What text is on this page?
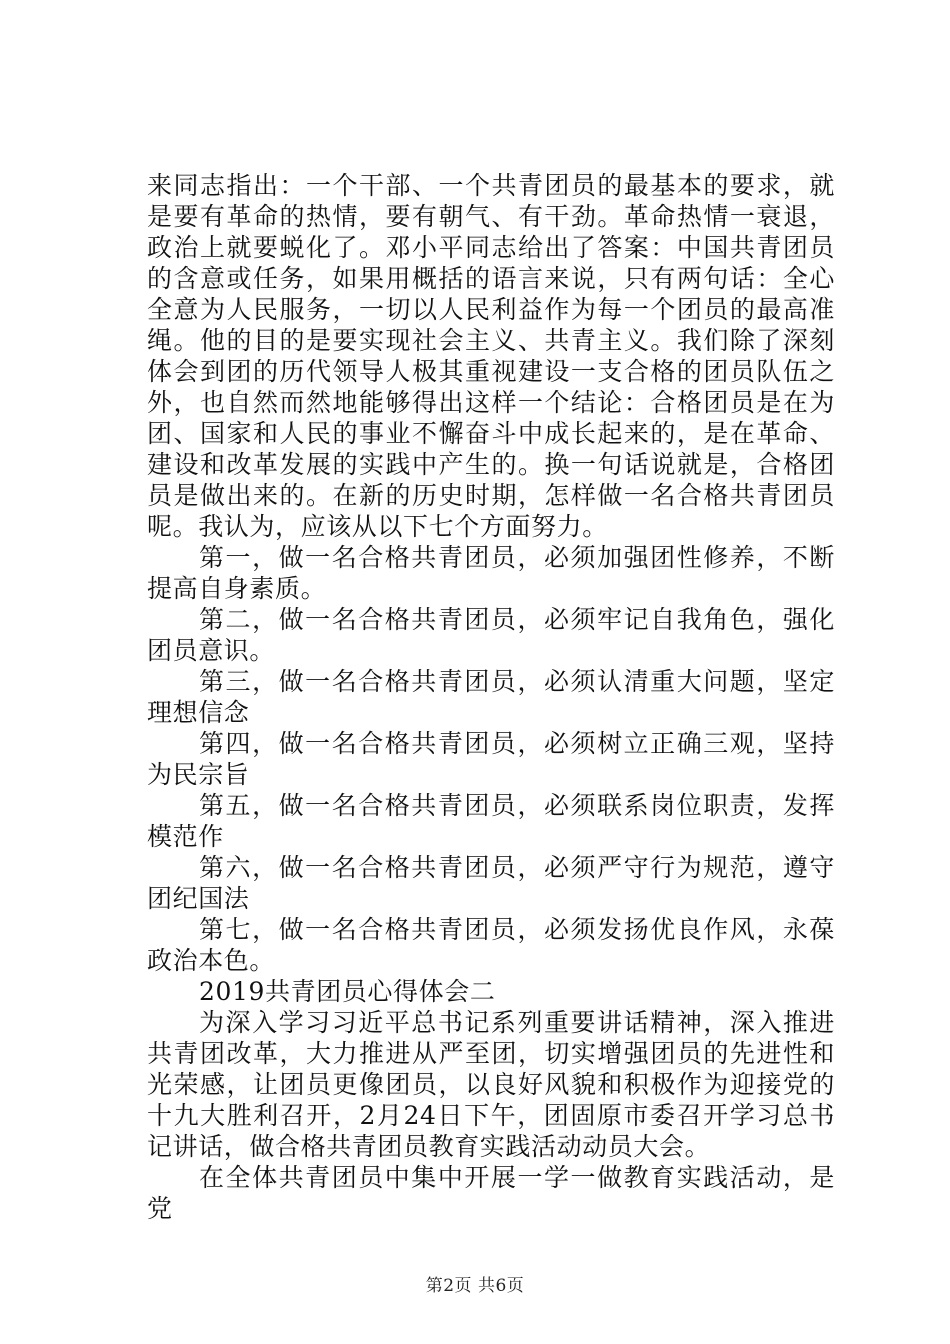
来同志指出：一个干部、一个共青团员的最基本的要求，就是要有革命的热情，要有朝气、有干劲。革命热情一衰退，政治上就要蜕化了。邓小平同志给出了答案：中国共青团员的含意或任务，如果用概括的语言来说，只有两句话：全心全意为人民服务，一切以人民利益作为每一个团员的最高准绳。他的目的是要实现社会主义、共青主义。我们除了深刻体会到团的历代领导人极其重视建设一支合格的团员队伍之外，也自然而然地能够得出这样一个结论：合格团员是在为团、国家和人民的事业不懈奋斗中成长起来的，是在革命、建设和改革发展的实践中产生的。换一句话说就是，合格团员是做出来的。在新的历史时期，怎样做一名合格共青团员呢。我认为，应该从以下七个方面努力。

第一，做一名合格共青团员，必须加强团性修养，不断提高自身素质。

第二，做一名合格共青团员，必须牢记自我角色，强化团员意识。

第三，做一名合格共青团员，必须认清重大问题，坚定理想信念

第四，做一名合格共青团员，必须树立正确三观，坚持为民宗旨

第五，做一名合格共青团员，必须联系岗位职责，发挥模范作

第六，做一名合格共青团员，必须严守行为规范，遵守团纪国法

第七，做一名合格共青团员，必须发扬优良作风，永葆政治本色。

2019共青团员心得体会二

为深入学习习近平总书记系列重要讲话精神，深入推进共青团改革，大力推进从严至团，切实增强团员的先进性和光荣感，让团员更像团员，以良好风貌和积极作为迎接党的十九大胜利召开，2月24日下午，团固原市委召开学习总书记讲话，做合格共青团员教育实践活动动员大会。

在全体共青团员中集中开展一学一做教育实践活动，是党

第2页 共6页
